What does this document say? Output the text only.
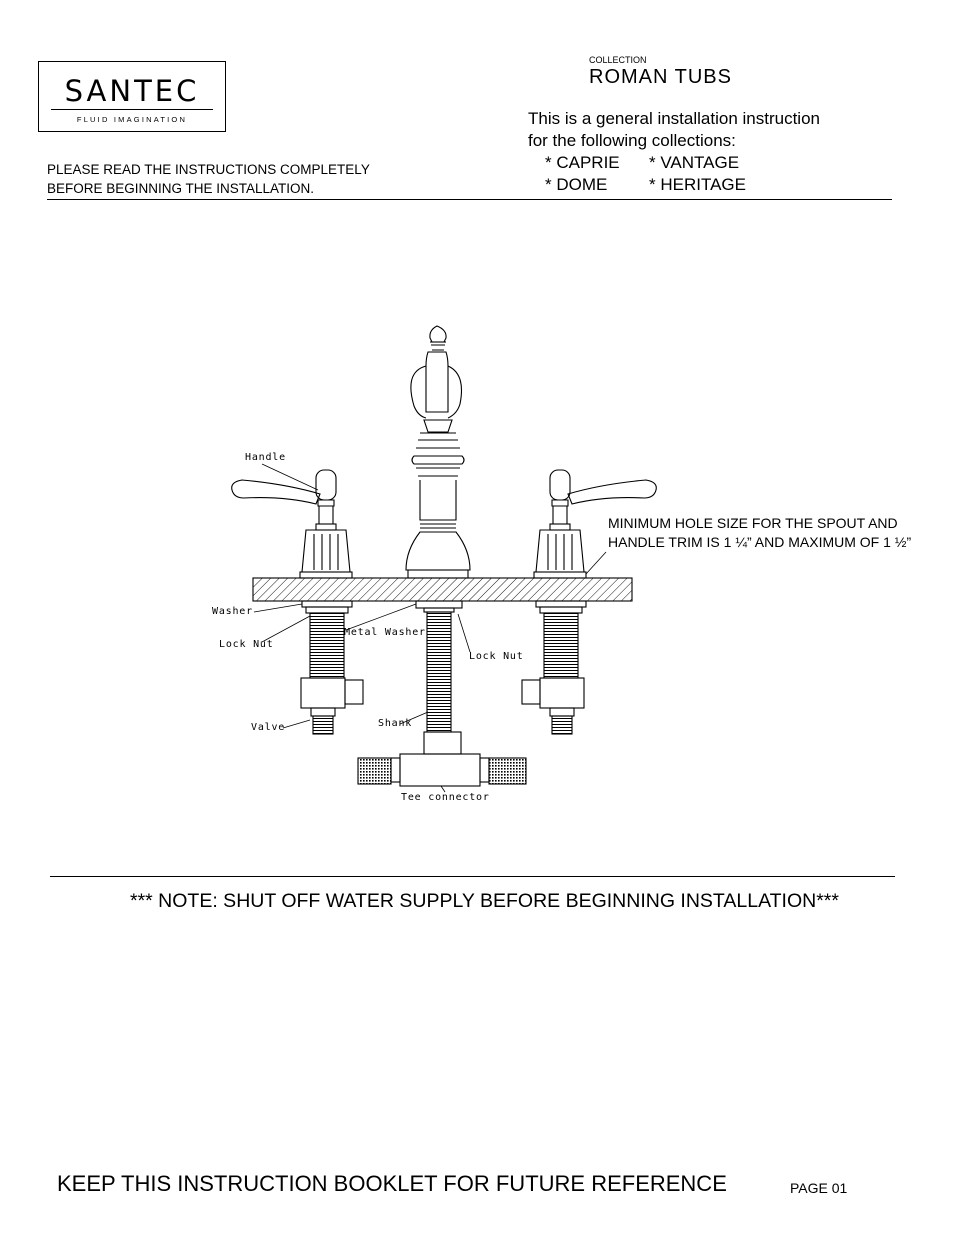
SANTEC
FLUID IMAGINATION
PLEASE READ THE INSTRUCTIONS COMPLETELY
BEFORE BEGINNING THE INSTALLATION.
COLLECTION
ROMAN TUBS
This is a general installation instruction
for the following collections:
* CAPRIE * VANTAGE
* DOME * HERITAGE
Handle
Washer
Lock Nut
Metal Washer
Lock Nut
Valve	Shank
Tee connector
MINIMUM HOLE SIZE FOR THE SPOUT AND
HANDLE TRIM IS 1 ¼” AND MAXIMUM OF 1 ½”
*** NOTE: SHUT OFF WATER SUPPLY BEFORE BEGINNING INSTALLATION***
KEEP THIS INSTRUCTION BOOKLET FOR FUTURE REFERENCE	PAGE 01
